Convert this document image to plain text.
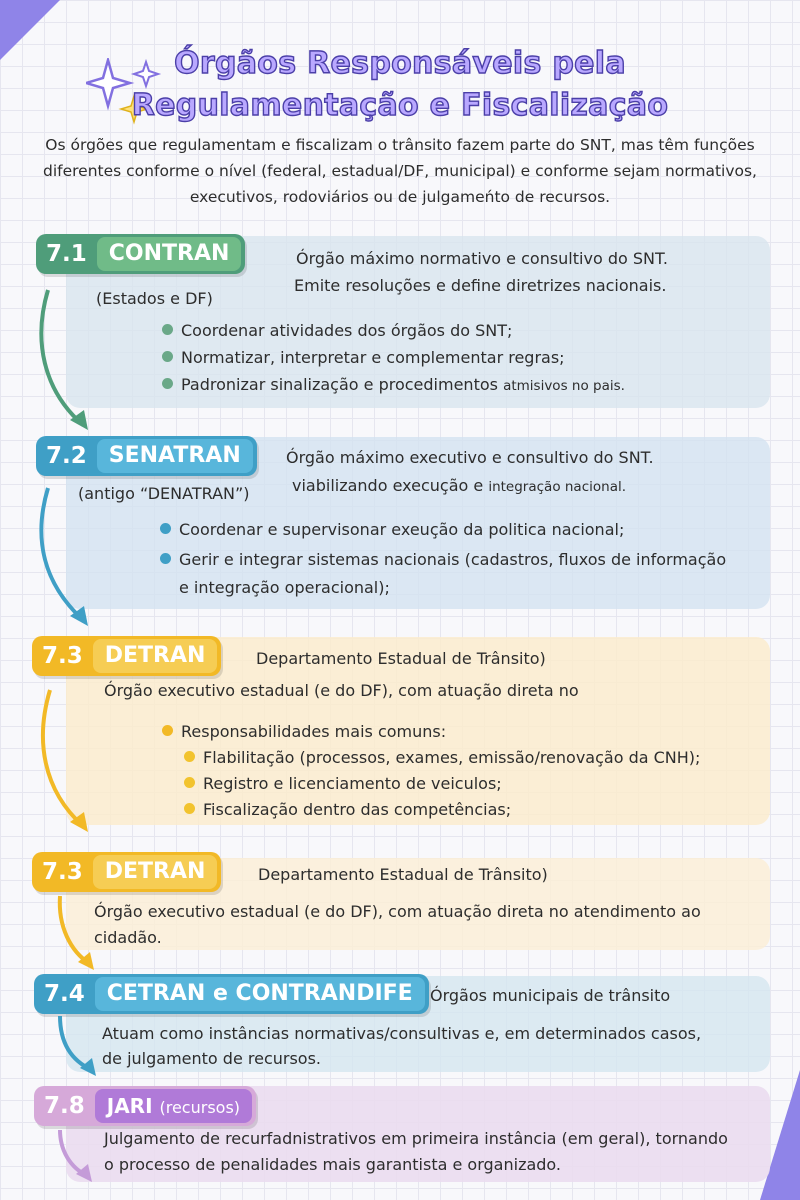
Órgãos Responsáveis pela
Regulamentação e Fiscalização
Os órgões que regulamentam e fiscalizam o trânsito fazem parte do SNT, mas têm funções diferentes conforme o nível (federal, estadual/DF, municipal) e conforme sejam normativos, executivos, rodoviários ou de julgameńto de recursos.
7.1	CONTRAN
(Estados e DF)
Órgão máximo normativo e consultivo do SNT.
Emite resoluções e define diretrizes nacionais.
Coordenar atividades dos órgãos do SNT;
Normatizar, interpretar e complementar regras;
Padronizar sinalização e procedimentos atmisivos no pais.
7.2	SENATRAN
(antigo “DENATRAN”)
Órgão máximo executivo e consultivo do SNT.
viabilizando execução e integração nacional.
Coordenar e supervisonar exeução da politica nacional;
Gerir e integrar sistemas nacionais (cadastros, fluxos de informação
e integração operacional);
7.3	DETRAN	Departamento Estadual de Trânsito)
Órgão executivo estadual (e do DF), com atuação direta no
Responsabilidades mais comuns:
Flabilitação (processos, exames, emissão/renovação da CNH);
Registro e licenciamento de veiculos;
Fiscalização dentro das competências;
7.3	DETRAN	Departamento Estadual de Trânsito)
Órgão executivo estadual (e do DF), com atuação direta no atendimento ao
cidadão.
7.4	CETRAN e CONTRANDIFE	Órgãos municipais de trânsito
Atuam como instâncias normativas/consultivas e, em determinados casos,
de julgamento de recursos.
7.8	JARI (recursos)
Julgamento de recurfadnistrativos em primeira instância (em geral), tornando
o processo de penalidades mais garantista e organizado.
